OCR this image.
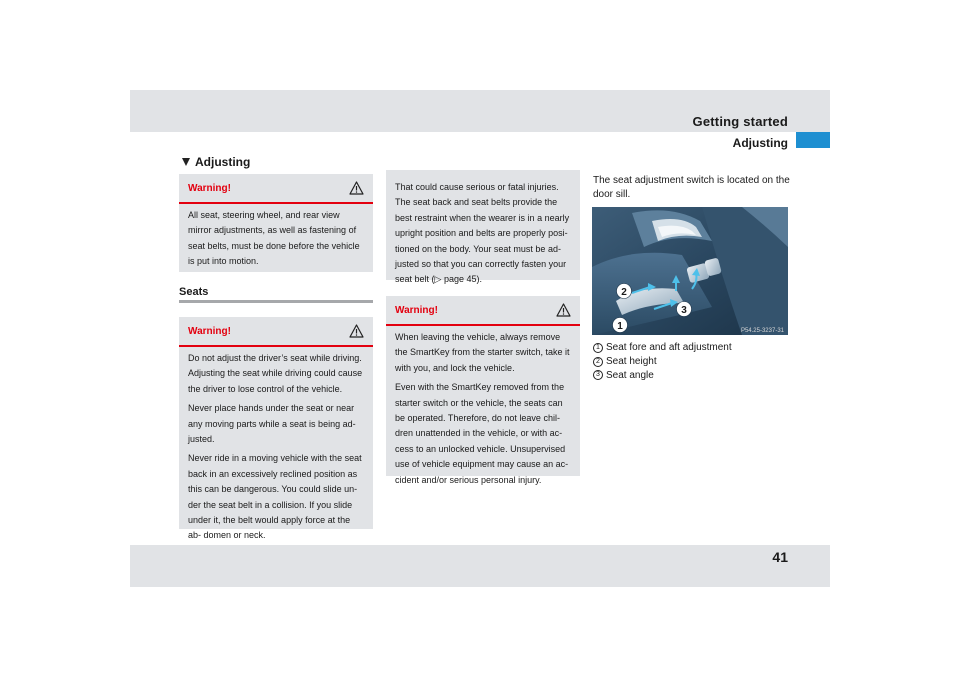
Getting started
Adjusting
Adjusting
Warning!

All seat, steering wheel, and rear view mirror adjustments, as well as fastening of seat belts, must be done before the vehicle is put into motion.

Seats
Warning!

Do not adjust the driver’s seat while driving. Adjusting the seat while driving could cause the driver to lose control of the vehicle.

Never place hands under the seat or near any moving parts while a seat is being ad- justed.

Never ride in a moving vehicle with the seat back in an excessively reclined position as this can be dangerous. You could slide un- der the seat belt in a collision. If you slide under it, the belt would apply force at the ab- domen or neck.

That could cause serious or fatal injuries. The seat back and seat belts provide the best restraint when the wearer is in a nearly upright position and belts are properly posi- tioned on the body. Your seat must be ad- justed so that you can correctly fasten your seat belt (▷ page 45).

Warning!

When leaving the vehicle, always remove the SmartKey from the starter switch, take it with you, and lock the vehicle.

Even with the SmartKey removed from the starter switch or the vehicle, the seats can be operated. Therefore, do not leave chil- dren unattended in the vehicle, or with ac- cess to an unlocked vehicle. Unsupervised use of vehicle equipment may cause an ac- cident and/or serious personal injury.

The seat adjustment switch is located on the door sill.
2
1
3
P54.25-3237-31
1 Seat fore and aft adjustment
2 Seat height
3 Seat angle
41
